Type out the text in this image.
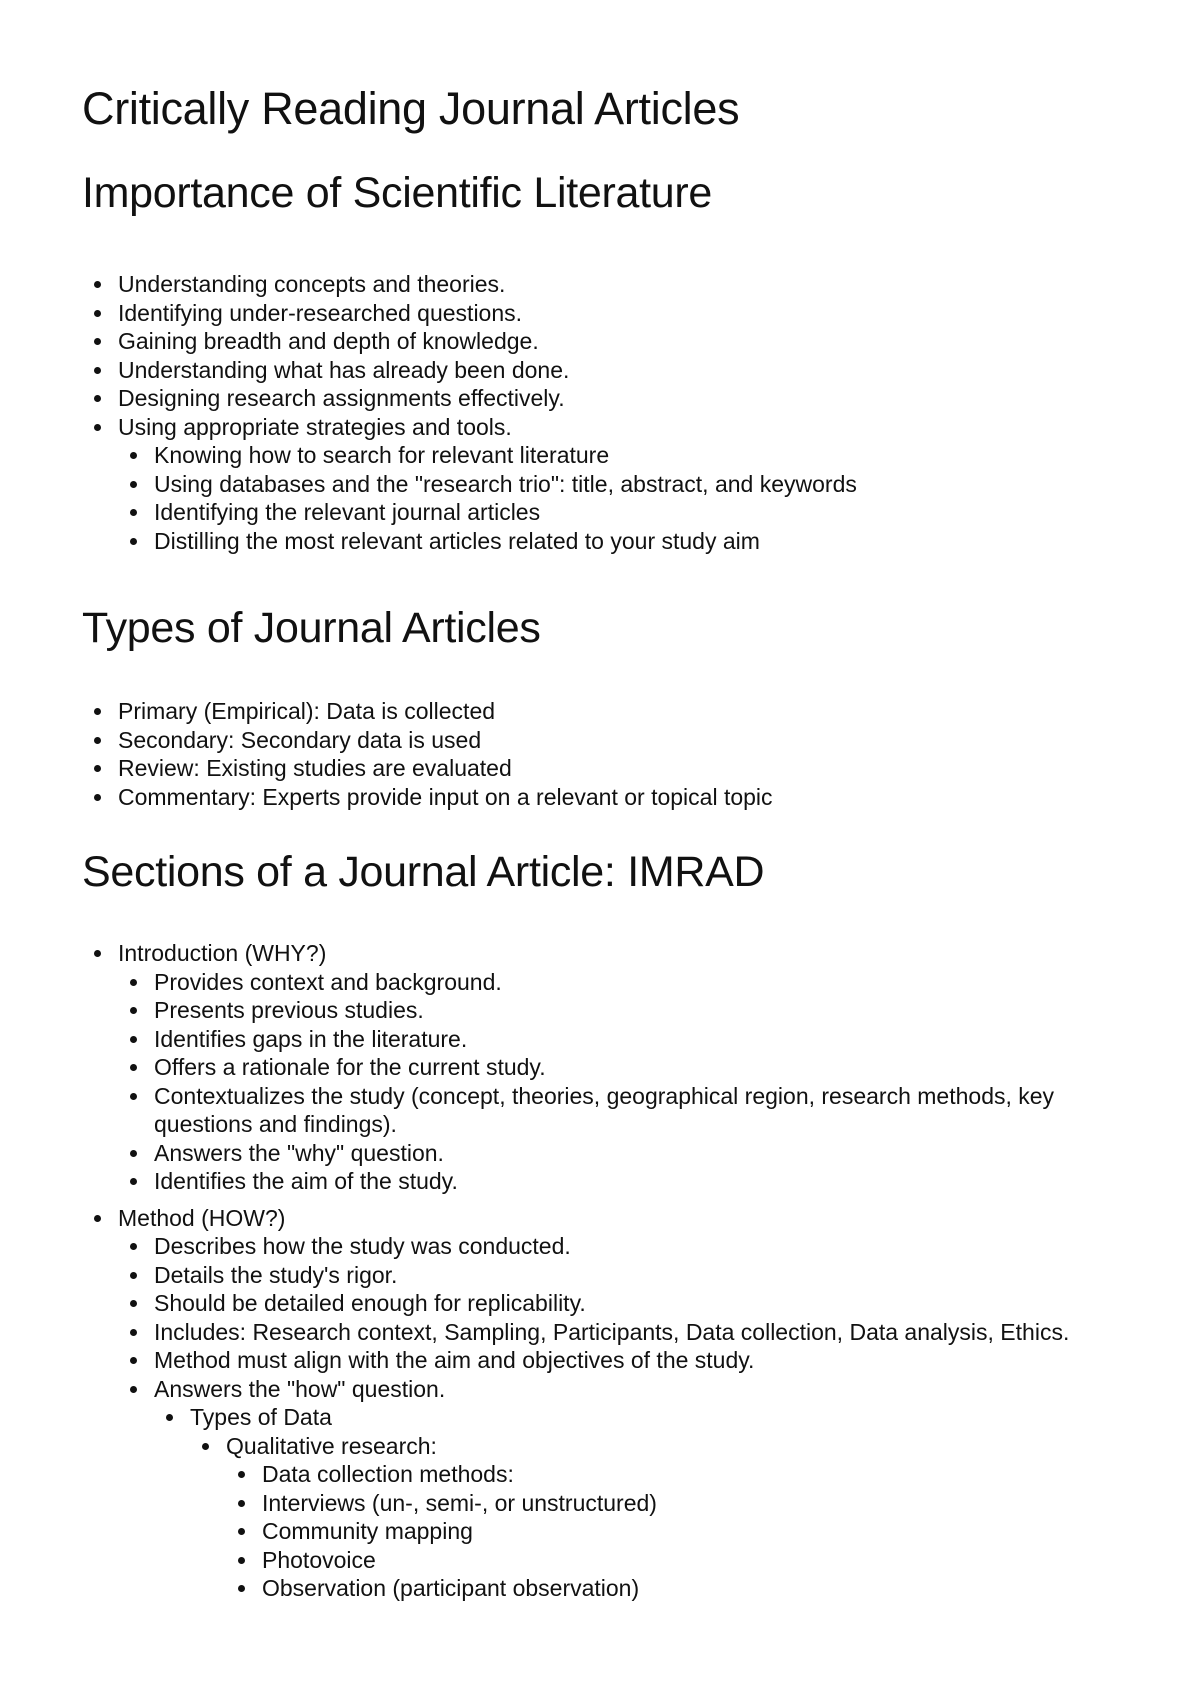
Critically Reading Journal Articles
Importance of Scientific Literature
Understanding concepts and theories.
Identifying under-researched questions.
Gaining breadth and depth of knowledge.
Understanding what has already been done.
Designing research assignments effectively.
Using appropriate strategies and tools.
Knowing how to search for relevant literature
Using databases and the "research trio": title, abstract, and keywords
Identifying the relevant journal articles
Distilling the most relevant articles related to your study aim
Types of Journal Articles
Primary (Empirical): Data is collected
Secondary: Secondary data is used
Review: Existing studies are evaluated
Commentary: Experts provide input on a relevant or topical topic
Sections of a Journal Article: IMRAD
Introduction (WHY?)
Provides context and background.
Presents previous studies.
Identifies gaps in the literature.
Offers a rationale for the current study.
Contextualizes the study (concept, theories, geographical region, research methods, key questions and findings).
Answers the "why" question.
Identifies the aim of the study.
Method (HOW?)
Describes how the study was conducted.
Details the study's rigor.
Should be detailed enough for replicability.
Includes: Research context, Sampling, Participants, Data collection, Data analysis, Ethics.
Method must align with the aim and objectives of the study.
Answers the "how" question.
Types of Data
Qualitative research:
Data collection methods:
Interviews (un-, semi-, or unstructured)
Community mapping
Photovoice
Observation (participant observation)
